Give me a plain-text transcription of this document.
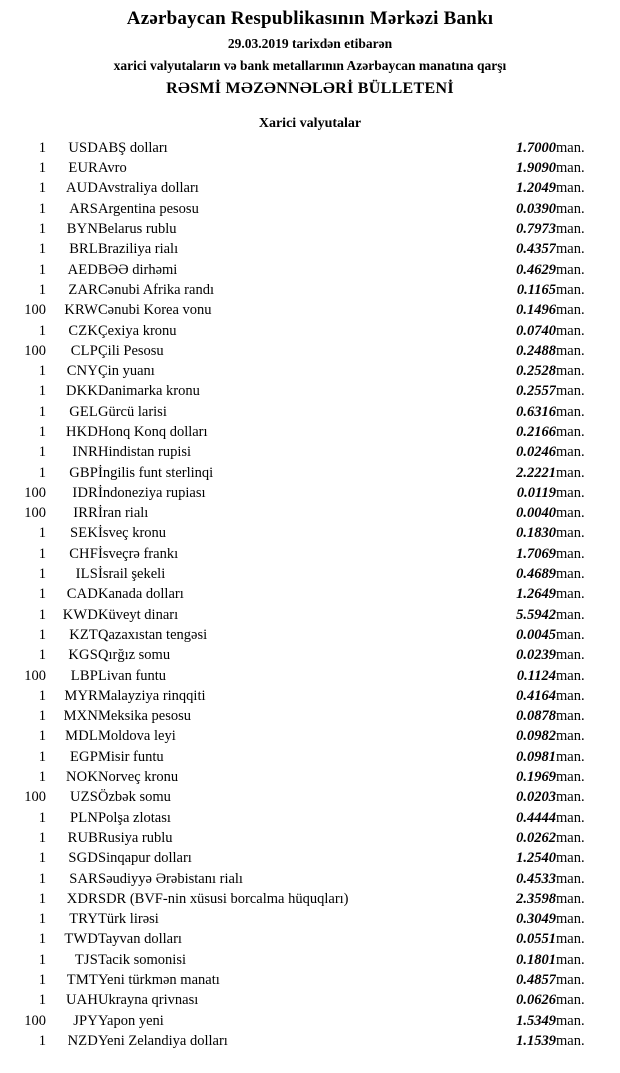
Azərbaycan Respublikasının Mərkəzi Bankı
29.03.2019 tarixdən etibarən
xarici valyutaların və bank metallarının Azərbaycan manatına qarşı
RƏSMİ MƏZƏNNƏLƏRİ BÜLLETENİ
Xarici valyutalar
1	USD	ABŞ dolları	1.7000	man.
1	EUR	Avro	1.9090	man.
1	AUD	Avstraliya dolları	1.2049	man.
1	ARS	Argentina pesosu	0.0390	man.
1	BYN	Belarus rublu	0.7973	man.
1	BRL	Braziliya rialı	0.4357	man.
1	AED	BƏƏ dirhəmi	0.4629	man.
1	ZAR	Cənubi Afrika randı	0.1165	man.
100	KRW	Cənubi Korea vonu	0.1496	man.
1	CZK	Çexiya kronu	0.0740	man.
100	CLP	Çili Pesosu	0.2488	man.
1	CNY	Çin yuanı	0.2528	man.
1	DKK	Danimarka kronu	0.2557	man.
1	GEL	Gürcü larisi	0.6316	man.
1	HKD	Honq Konq dolları	0.2166	man.
1	INR	Hindistan rupisi	0.0246	man.
1	GBP	İngilis funt sterlinqi	2.2221	man.
100	IDR	İndoneziya rupiası	0.0119	man.
100	IRR	İran rialı	0.0040	man.
1	SEK	İsveç kronu	0.1830	man.
1	CHF	İsveçrə frankı	1.7069	man.
1	ILS	İsrail şekeli	0.4689	man.
1	CAD	Kanada dolları	1.2649	man.
1	KWD	Küveyt dinarı	5.5942	man.
1	KZT	Qazaxıstan tengəsi	0.0045	man.
1	KGS	Qırğız somu	0.0239	man.
100	LBP	Livan funtu	0.1124	man.
1	MYR	Malayziya rinqqiti	0.4164	man.
1	MXN	Meksika pesosu	0.0878	man.
1	MDL	Moldova leyi	0.0982	man.
1	EGP	Misir funtu	0.0981	man.
1	NOK	Norveç kronu	0.1969	man.
100	UZS	Özbək somu	0.0203	man.
1	PLN	Polşa zlotası	0.4444	man.
1	RUB	Rusiya rublu	0.0262	man.
1	SGD	Sinqapur dolları	1.2540	man.
1	SAR	Səudiyyə Ərəbistanı rialı	0.4533	man.
1	XDR	SDR (BVF-nin xüsusi borcalma hüquqları)	2.3598	man.
1	TRY	Türk lirəsi	0.3049	man.
1	TWD	Tayvan dolları	0.0551	man.
1	TJS	Tacik somonisi	0.1801	man.
1	TMT	Yeni türkmən manatı	0.4857	man.
1	UAH	Ukrayna qrivnası	0.0626	man.
100	JPY	Yapon yeni	1.5349	man.
1	NZD	Yeni Zelandiya dolları	1.1539	man.
